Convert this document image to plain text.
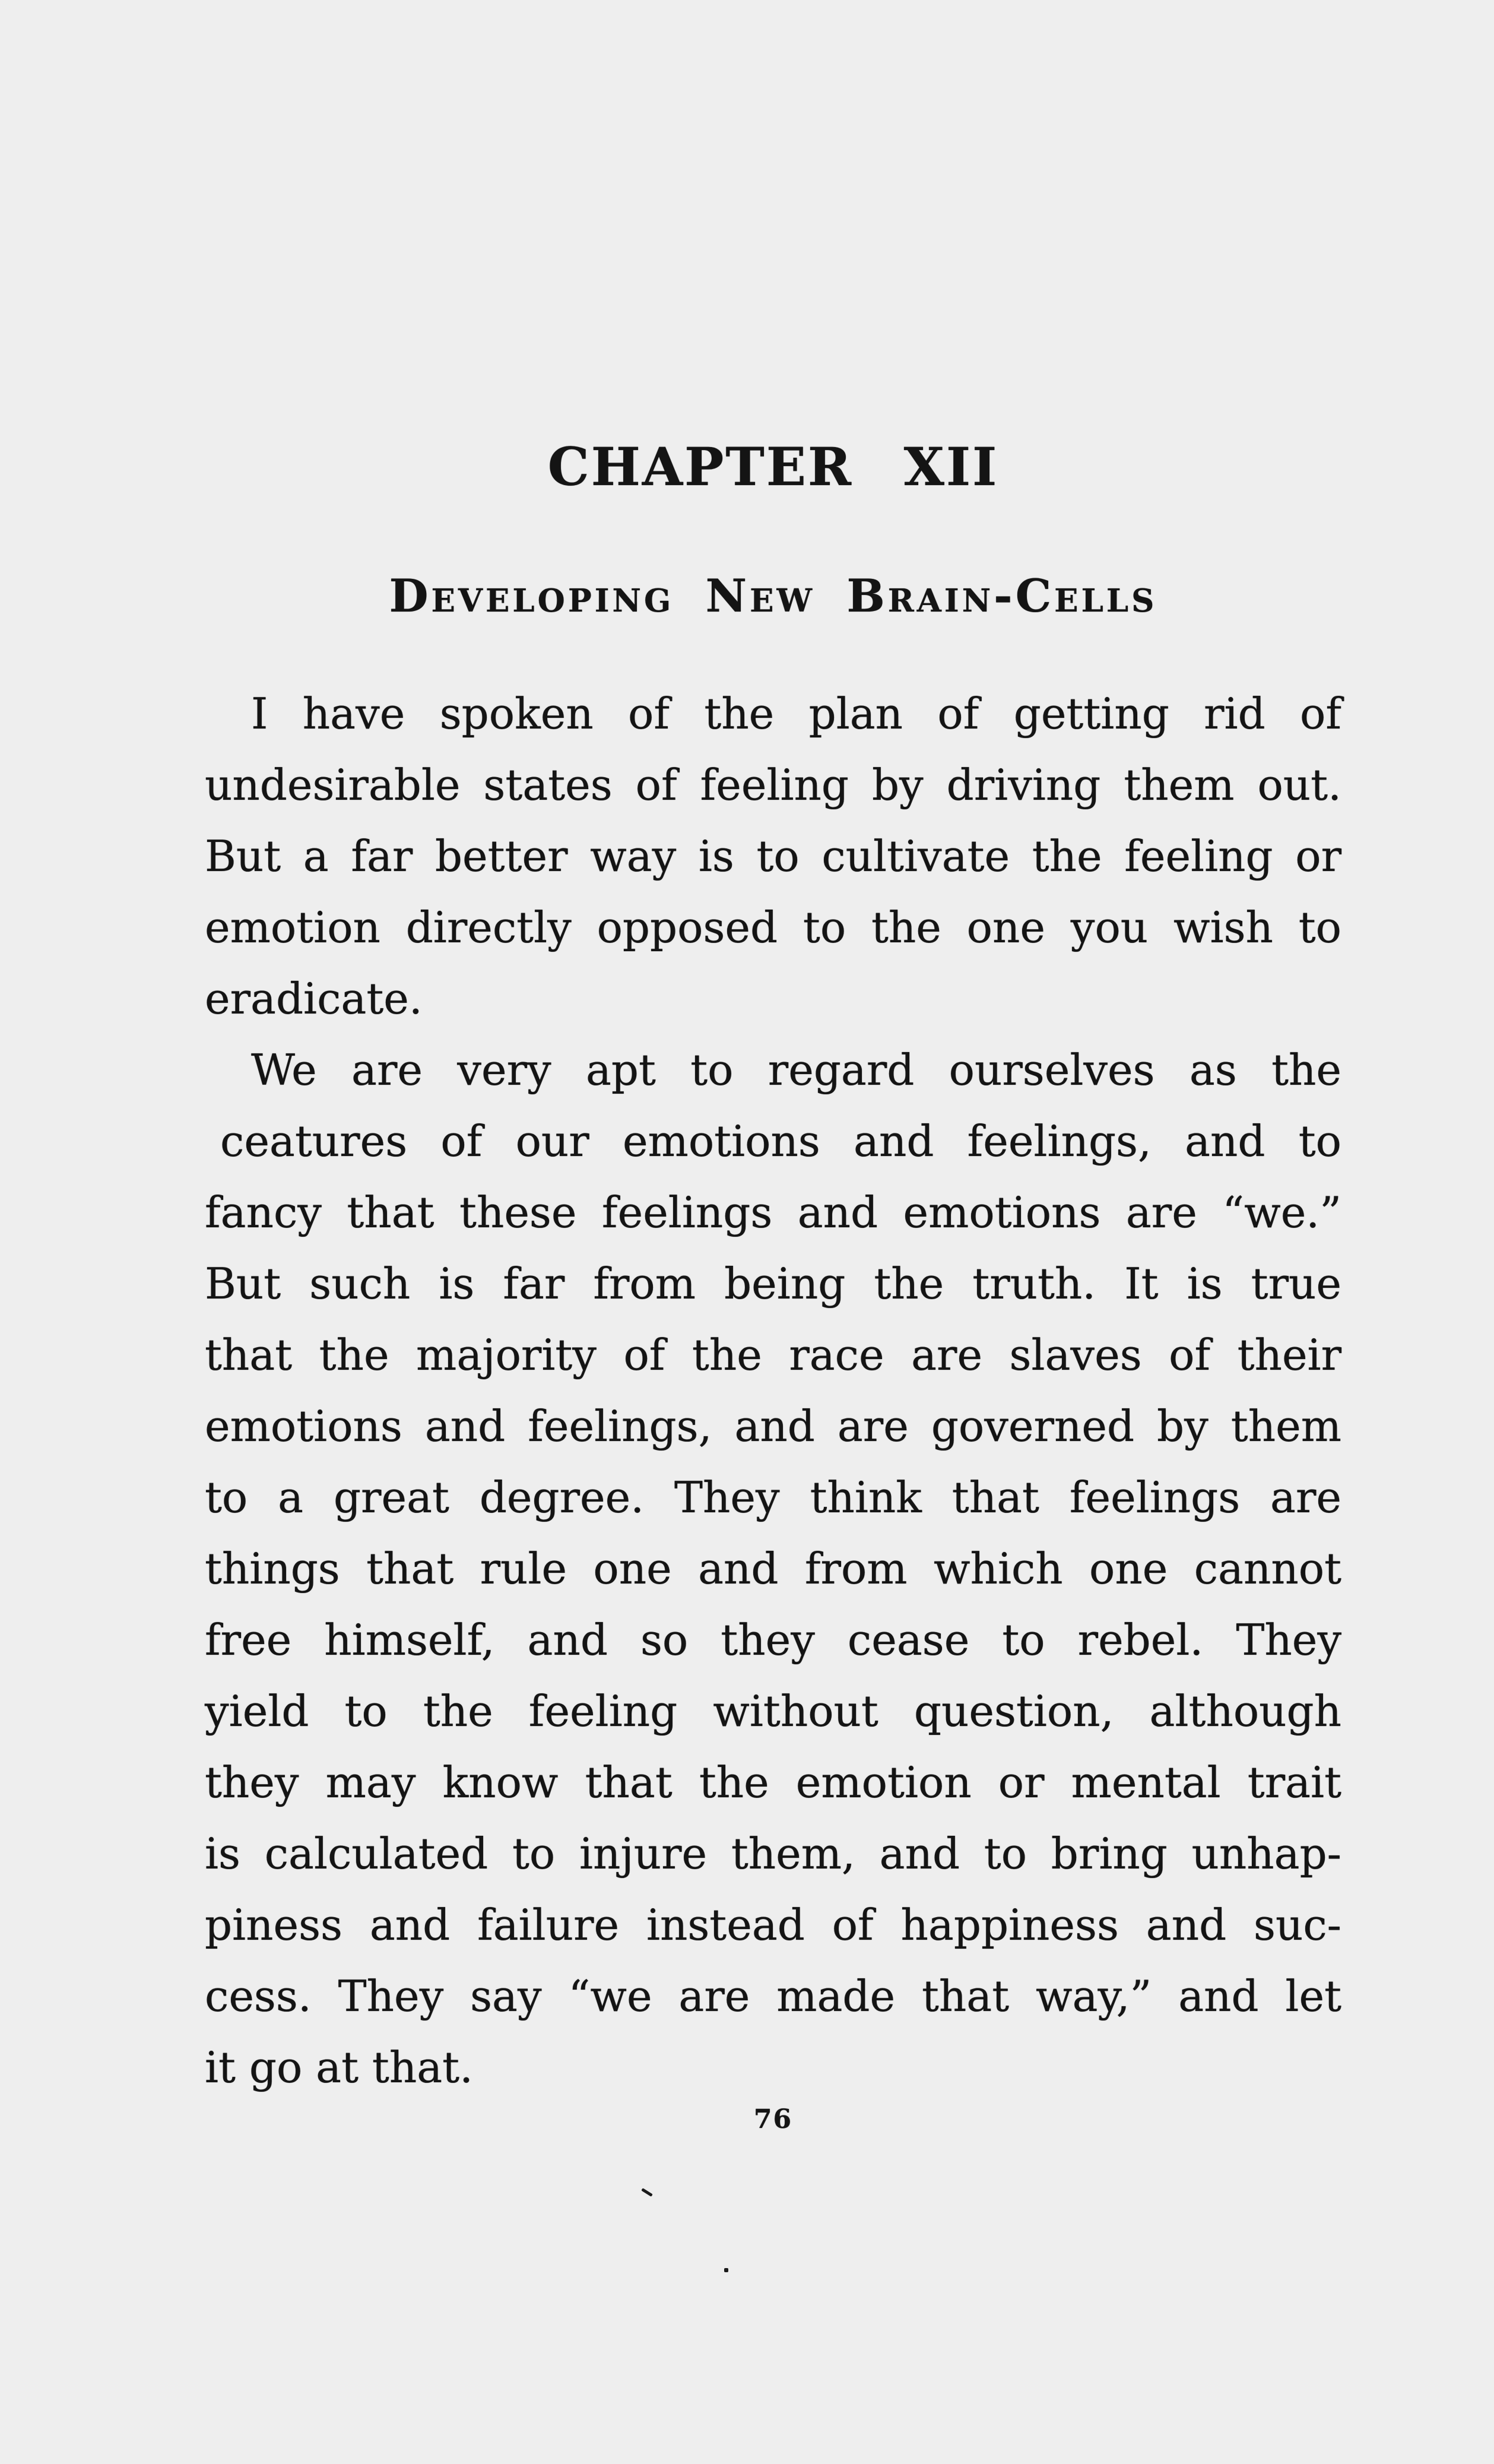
CHAPTER XII
Developing New Brain-Cells
I have spoken of the plan of getting rid of
undesirable states of feeling by driving them out.
But a far better way is to cultivate the feeling or
emotion directly opposed to the one you wish to
eradicate.
We are very apt to regard ourselves as the
ceatures of our emotions and feelings, and to
fancy that these feelings and emotions are “we.”
But such is far from being the truth. It is true
that the majority of the race are slaves of their
emotions and feelings, and are governed by them
to a great degree. They think that feelings are
things that rule one and from which one cannot
free himself, and so they cease to rebel. They
yield to the feeling without question, although
they may know that the emotion or mental trait
is calculated to injure them, and to bring unhap-
piness and failure instead of happiness and suc-
cess. They say “we are made that way,” and let
it go at that.
76
